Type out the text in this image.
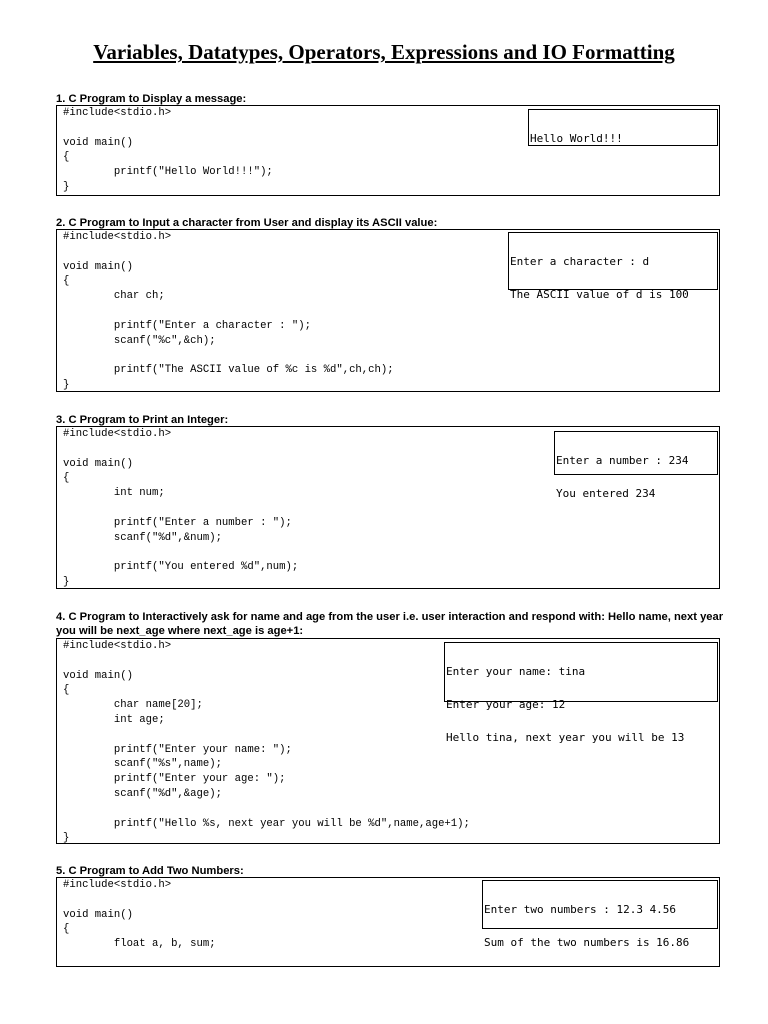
Variables, Datatypes, Operators, Expressions and IO Formatting
1. C Program to Display a message:
#include<stdio.h>

void main()
{
printf("Hello World!!!");
}

Hello World!!!

2. C Program to Input a character from User and display its ASCII value:
#include<stdio.h>

void main()
{
char ch;

printf("Enter a character : ");
scanf("%c",&ch);

printf("The ASCII value of %c is %d",ch,ch);
}

Enter a character : d

The ASCII value of d is 100

3. C Program to Print an Integer:
#include<stdio.h>

void main()
{
int num;

printf("Enter a number : ");
scanf("%d",&num);

printf("You entered %d",num);
}

Enter a number : 234

You entered 234

4. C Program to Interactively ask for name and age from the user i.e. user interaction and respond with: Hello name, next year you will be next_age where next_age is age+1:
#include<stdio.h>

void main()
{
char name[20];
int age;

printf("Enter your name: ");
scanf("%s",name);
printf("Enter your age: ");
scanf("%d",&age);

printf("Hello %s, next year you will be %d",name,age+1);
}

Enter your name: tina

Enter your age: 12

Hello tina, next year you will be 13

5. C Program to Add Two Numbers:
#include<stdio.h>

void main()
{
float a, b, sum;

Enter two numbers : 12.3 4.56

Sum of the two numbers is 16.86
